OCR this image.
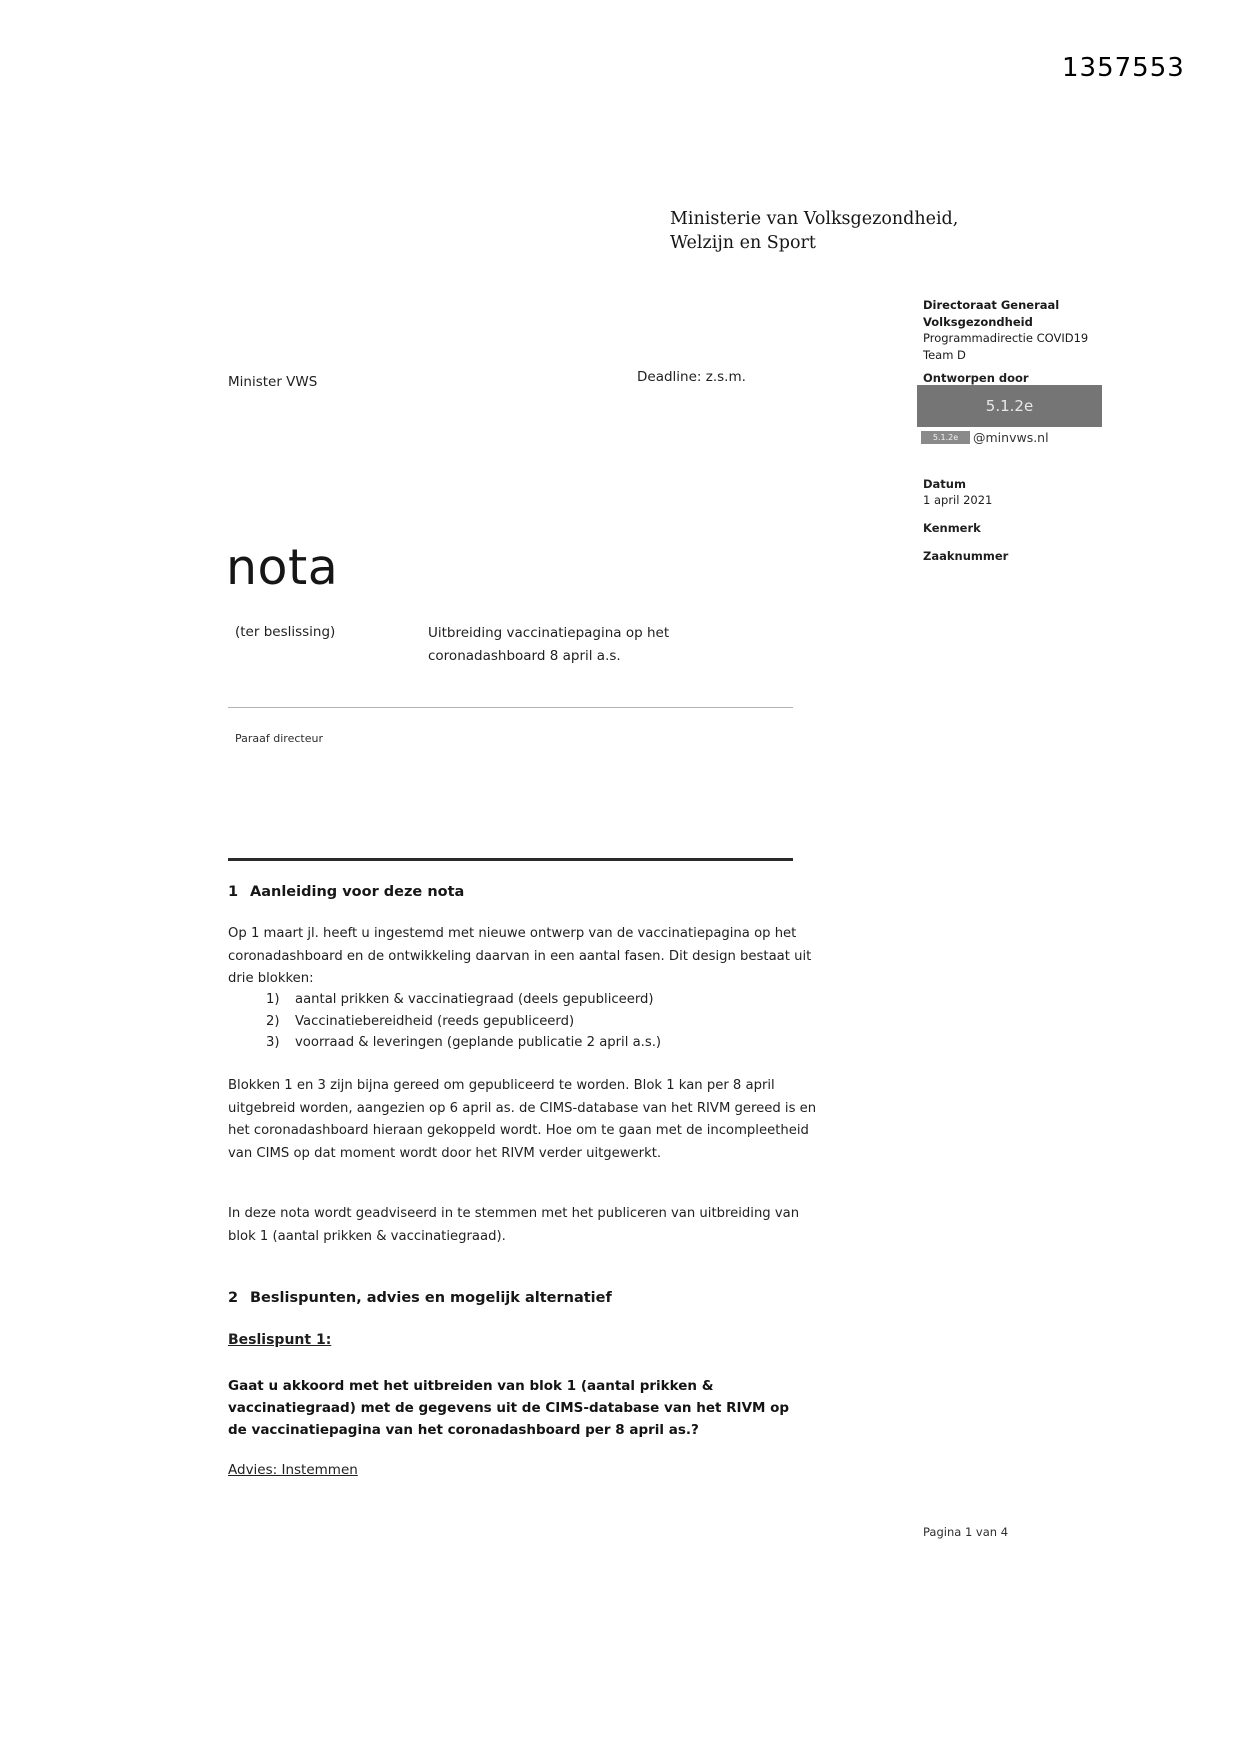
1357553
Ministerie van Volksgezondheid,
Welzijn en Sport
Minister VWS	Deadline: z.s.m.
Directoraat Generaal
Volksgezondheid
Programmadirectie COVID19
Team D
Ontworpen door
5.1.2e
5.1.2e	@minvws.nl
Datum
1 april 2021
Kenmerk
Zaaknummer
nota
(ter beslissing)	Uitbreiding vaccinatiepagina op het coronadashboard 8 april a.s.
Paraaf directeur
1 Aanleiding voor deze nota
Op 1 maart jl. heeft u ingestemd met nieuwe ontwerp van de vaccinatiepagina op het coronadashboard en de ontwikkeling daarvan in een aantal fasen. Dit design bestaat uit drie blokken:
1)	aantal prikken & vaccinatiegraad (deels gepubliceerd)
2)	Vaccinatiebereidheid (reeds gepubliceerd)
3)	voorraad & leveringen (geplande publicatie 2 april a.s.)
Blokken 1 en 3 zijn bijna gereed om gepubliceerd te worden. Blok 1 kan per 8 april uitgebreid worden, aangezien op 6 april as. de CIMS-database van het RIVM gereed is en het coronadashboard hieraan gekoppeld wordt. Hoe om te gaan met de incompleetheid van CIMS op dat moment wordt door het RIVM verder uitgewerkt.
In deze nota wordt geadviseerd in te stemmen met het publiceren van uitbreiding van blok 1 (aantal prikken & vaccinatiegraad).
2 Beslispunten, advies en mogelijk alternatief
Beslispunt 1:
Gaat u akkoord met het uitbreiden van blok 1 (aantal prikken & vaccinatiegraad) met de gegevens uit de CIMS-database van het RIVM op de vaccinatiepagina van het coronadashboard per 8 april as.?
Advies: Instemmen
Pagina 1 van 4
